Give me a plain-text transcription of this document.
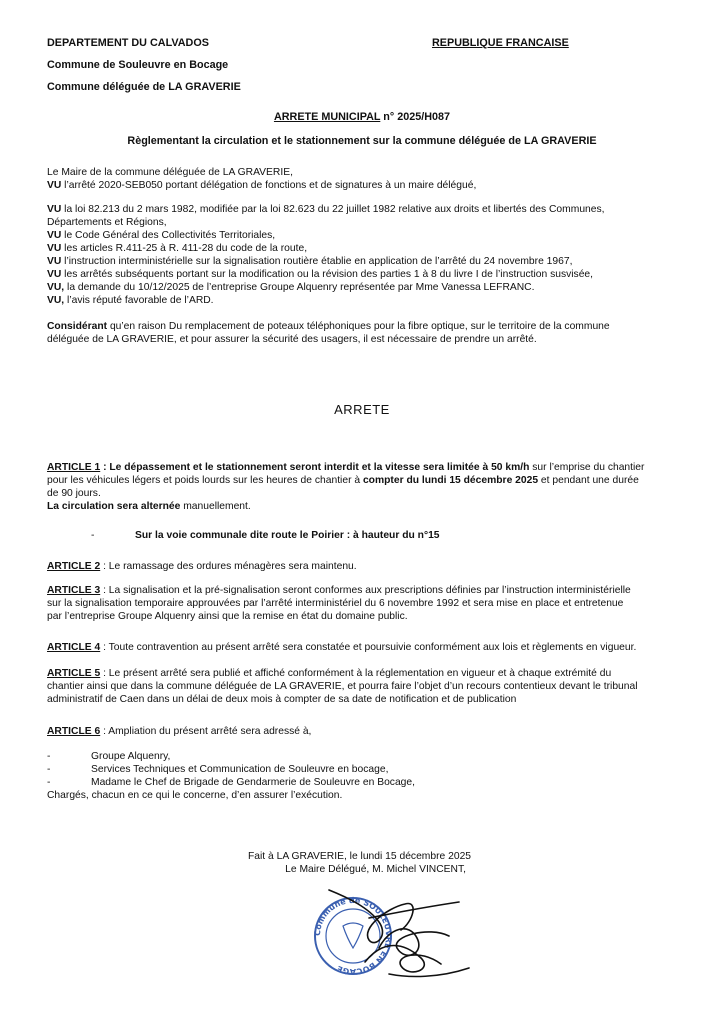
DEPARTEMENT DU CALVADOS
Commune de Souleuvre en Bocage
Commune déléguée de LA GRAVERIE
REPUBLIQUE FRANCAISE
ARRETE MUNICIPAL n° 2025/H087
Règlementant la circulation et le stationnement sur la commune déléguée de LA GRAVERIE
Le Maire de la commune déléguée de LA GRAVERIE,
VU l’arrêté 2020-SEB050 portant délégation de fonctions et de signatures à un maire délégué,
VU la loi 82.213 du 2 mars 1982, modifiée par la loi 82.623 du 22 juillet 1982 relative aux droits et libertés des Communes,
Départements et Régions,
VU le Code Général des Collectivités Territoriales,
VU les articles R.411-25 à R. 411-28 du code de la route,
VU l’instruction interministérielle sur la signalisation routière établie en application de l’arrêté du 24 novembre 1967,
VU les arrêtés subséquents portant sur la modification ou la révision des parties 1 à 8 du livre I de l’instruction susvisée,
VU, la demande du 10/12/2025 de l’entreprise Groupe Alquenry représentée par Mme Vanessa LEFRANC.
VU, l’avis réputé favorable de l’ARD.
Considérant qu’en raison Du remplacement de poteaux téléphoniques pour la fibre optique, sur le territoire de la commune
déléguée de LA GRAVERIE, et pour assurer la sécurité des usagers, il est nécessaire de prendre un arrêté.
ARRETE
ARTICLE 1 : Le dépassement et le stationnement seront interdit et la vitesse sera limitée à 50 km/h sur l’emprise du chantier
pour les véhicules légers et poids lourds sur les heures de chantier à compter du lundi 15 décembre 2025 et pendant une durée
de 90 jours.
La circulation sera alternée manuellement.
-	Sur la voie communale dite route le Poirier : à hauteur du n°15
ARTICLE 2 : Le ramassage des ordures ménagères sera maintenu.
ARTICLE 3 : La signalisation et la pré-signalisation seront conformes aux prescriptions définies par l’instruction interministérielle
sur la signalisation temporaire approuvées par l’arrêté interministériel du 6 novembre 1992 et sera mise en place et entretenue
par l’entreprise Groupe Alquenry ainsi que la remise en état du domaine public.
ARTICLE 4 : Toute contravention au présent arrêté sera constatée et poursuivie conformément aux lois et règlements en vigueur.
ARTICLE 5 : Le présent arrêté sera publié et affiché conformément à la réglementation en vigueur et à chaque extrémité du
chantier ainsi que dans la commune déléguée de LA GRAVERIE, et pourra faire l’objet d’un recours contentieux devant le tribunal
administratif de Caen dans un délai de deux mois à compter de sa date de notification et de publication
ARTICLE 6 : Ampliation du présent arrêté sera adressé à,
-	Groupe Alquenry,
-	Services Techniques et Communication de Souleuvre en bocage,
-	Madame le Chef de Brigade de Gendarmerie de Souleuvre en Bocage,
Chargés, chacun en ce qui le concerne, d’en assurer l’exécution.
Fait à LA GRAVERIE, le lundi 15 décembre 2025
Le Maire Délégué, M. Michel VINCENT,
Commune de SOULEUVRE EN BOCAGE
